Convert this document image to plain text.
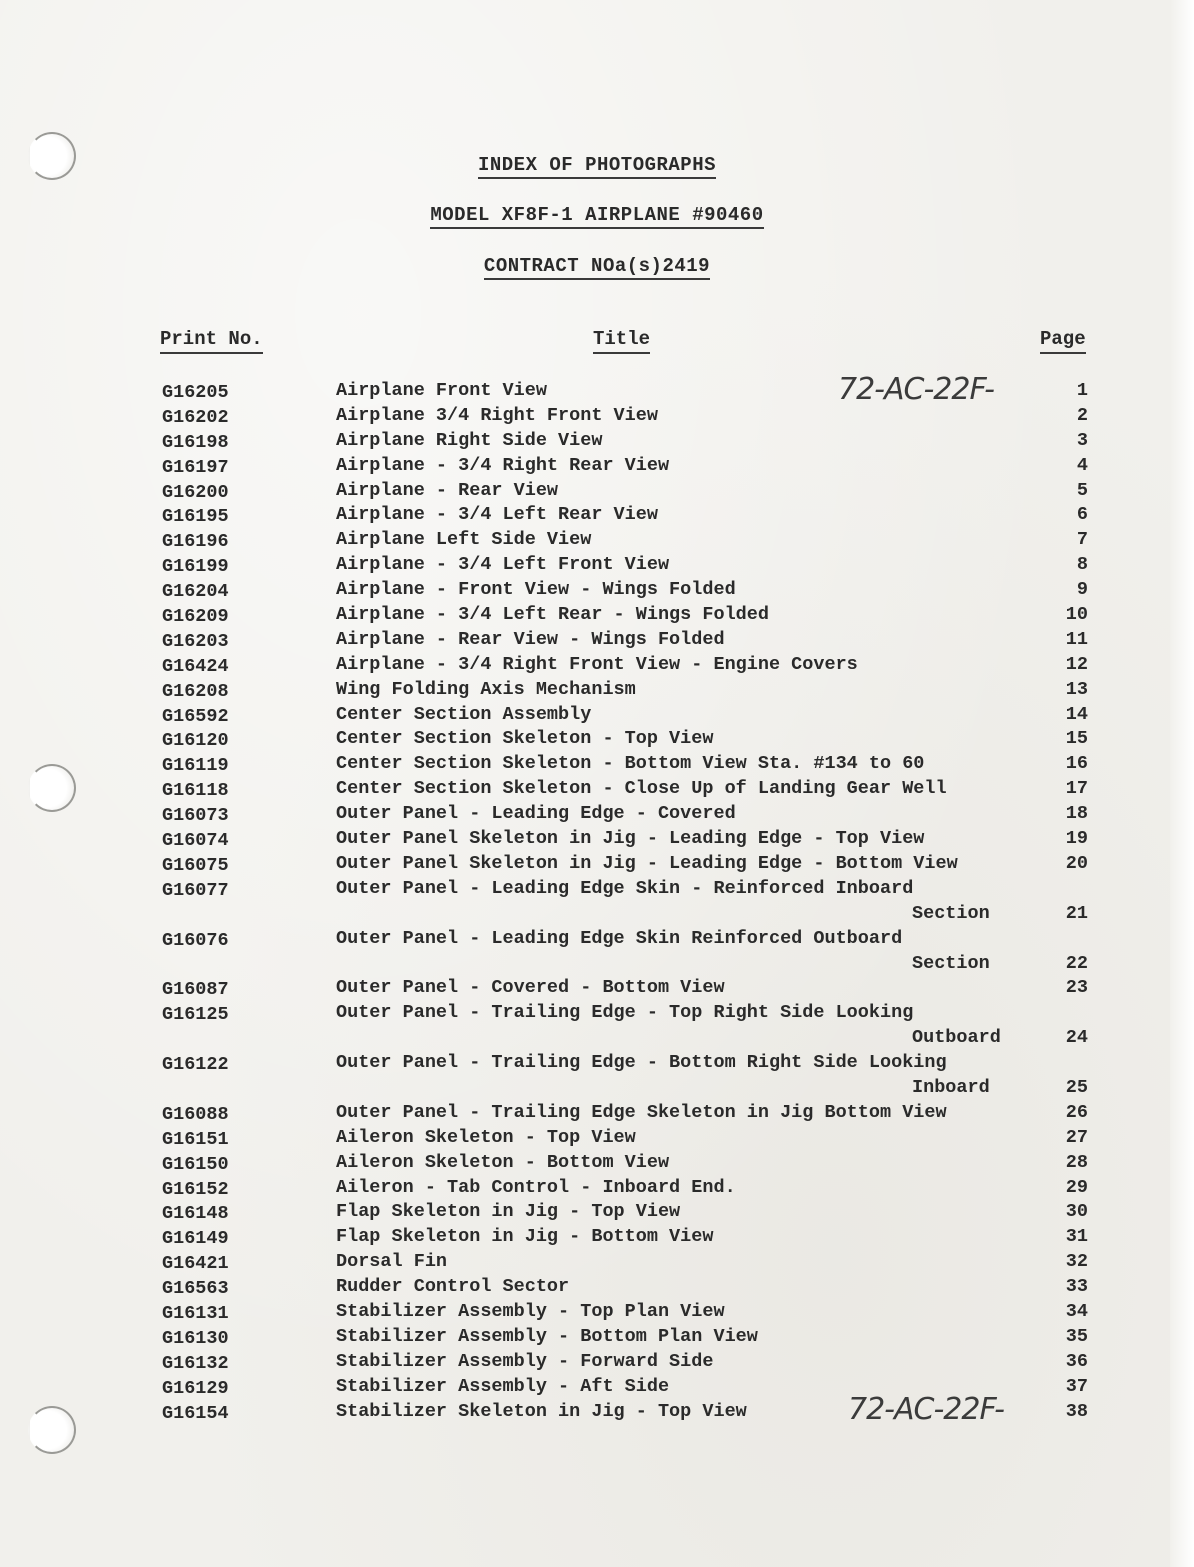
INDEX OF PHOTOGRAPHS
MODEL XF8F-1 AIRPLANE #90460
CONTRACT NOa(s)2419
Print No.	Title	Page
72-AC-22F-
72-AC-22F-
G16205	Airplane Front View	1
G16202	Airplane 3/4 Right Front View	2
G16198	Airplane Right Side View	3
G16197	Airplane - 3/4 Right Rear View	4
G16200	Airplane - Rear View	5
G16195	Airplane - 3/4 Left Rear View	6
G16196	Airplane Left Side View	7
G16199	Airplane - 3/4 Left Front View	8
G16204	Airplane - Front View - Wings Folded	9
G16209	Airplane - 3/4 Left Rear - Wings Folded	10
G16203	Airplane - Rear View - Wings Folded	11
G16424	Airplane - 3/4 Right Front View - Engine Covers	12
G16208	Wing Folding Axis Mechanism	13
G16592	Center Section Assembly	14
G16120	Center Section Skeleton - Top View	15
G16119	Center Section Skeleton - Bottom View Sta. #134 to 60	16
G16118	Center Section Skeleton - Close Up of Landing Gear Well	17
G16073	Outer Panel - Leading Edge - Covered	18
G16074	Outer Panel Skeleton in Jig - Leading Edge - Top View	19
G16075	Outer Panel Skeleton in Jig - Leading Edge - Bottom View	20
G16077	Outer Panel - Leading Edge Skin - Reinforced Inboard
Section	21
G16076	Outer Panel - Leading Edge Skin Reinforced Outboard
Section	22
G16087	Outer Panel - Covered - Bottom View	23
G16125	Outer Panel - Trailing Edge - Top Right Side Looking
Outboard	24
G16122	Outer Panel - Trailing Edge - Bottom Right Side Looking
Inboard	25
G16088	Outer Panel - Trailing Edge Skeleton in Jig Bottom View	26
G16151	Aileron Skeleton - Top View	27
G16150	Aileron Skeleton - Bottom View	28
G16152	Aileron - Tab Control - Inboard End.	29
G16148	Flap Skeleton in Jig - Top View	30
G16149	Flap Skeleton in Jig - Bottom View	31
G16421	Dorsal Fin	32
G16563	Rudder Control Sector	33
G16131	Stabilizer Assembly - Top Plan View	34
G16130	Stabilizer Assembly - Bottom Plan View	35
G16132	Stabilizer Assembly - Forward Side	36
G16129	Stabilizer Assembly - Aft Side	37
G16154	Stabilizer Skeleton in Jig - Top View	38
